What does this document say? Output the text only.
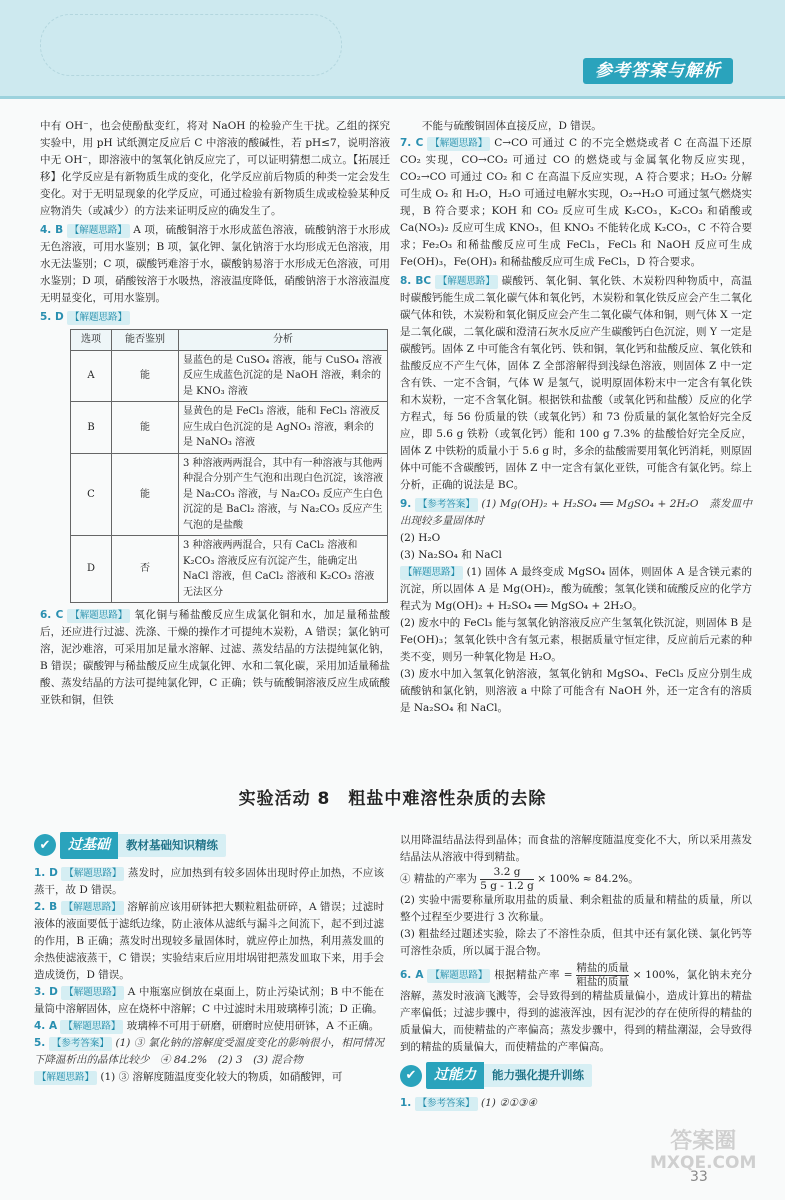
参考答案与解析

中有 OH⁻，也会使酚酞变红，将对 NaOH 的检验产生干扰。乙组的探究实验中，用 pH 试纸测定反应后 C 中溶液的酸碱性，若 pH≤7，说明溶液中无 OH⁻，即溶液中的氢氧化钠反应完了，可以证明猜想二成立。【拓展迁移】化学反应是有新物质生成的变化，化学反应前后物质的种类一定会发生变化。对于无明显现象的化学反应，可通过检验有新物质生成或检验某种反应物消失（或减少）的方法来证明反应的确发生了。

4. B 【解题思路】 A 项，硫酸铜溶于水形成蓝色溶液，硫酸钠溶于水形成无色溶液，可用水鉴别；B 项，氯化钾、氯化钠溶于水均形成无色溶液，用水无法鉴别；C 项，碳酸钙难溶于水，碳酸钠易溶于水形成无色溶液，可用水鉴别；D 项，硝酸铵溶于水吸热，溶液温度降低，硝酸钠溶于水溶液温度无明显变化，可用水鉴别。

5. D 【解题思路】

选项	能否鉴别	分析
A	能	显蓝色的是 CuSO₄ 溶液，能与 CuSO₄ 溶液反应生成蓝色沉淀的是 NaOH 溶液，剩余的是 KNO₃ 溶液
B	能	显黄色的是 FeCl₃ 溶液，能和 FeCl₃ 溶液反应生成白色沉淀的是 AgNO₃ 溶液，剩余的是 NaNO₃ 溶液
C	能	3 种溶液两两混合，其中有一种溶液与其他两种混合分别产生气泡和出现白色沉淀，该溶液是 Na₂CO₃ 溶液，与 Na₂CO₃ 反应产生白色沉淀的是 BaCl₂ 溶液，与 Na₂CO₃ 反应产生气泡的是盐酸
D	否	3 种溶液两两混合，只有 CaCl₂ 溶液和 K₂CO₃ 溶液反应有沉淀产生，能确定出 NaCl 溶液，但 CaCl₂ 溶液和 K₂CO₃ 溶液无法区分

6. C 【解题思路】 氧化铜与稀盐酸反应生成氯化铜和水，加足量稀盐酸后，还应进行过滤、洗涤、干燥的操作才可提纯木炭粉，A 错误；氯化钠可溶，泥沙难溶，可采用加足量水溶解、过滤、蒸发结晶的方法提纯氯化钠，B 错误；碳酸钾与稀盐酸反应生成氯化钾、水和二氧化碳，采用加适量稀盐酸、蒸发结晶的方法可提纯氯化钾，C 正确；铁与硫酸铜溶液反应生成硫酸亚铁和铜，但铁

不能与硫酸铜固体直接反应，D 错误。

7. C 【解题思路】 C→CO 可通过 C 的不完全燃烧或者 C 在高温下还原 CO₂ 实现，CO→CO₂ 可通过 CO 的燃烧或与金属氧化物反应实现，CO₂→CO 可通过 CO₂ 和 C 在高温下反应实现，A 符合要求；H₂O₂ 分解可生成 O₂ 和 H₂O，H₂O 可通过电解水实现，O₂→H₂O 可通过氢气燃烧实现，B 符合要求；KOH 和 CO₂ 反应可生成 K₂CO₃，K₂CO₃ 和硝酸或 Ca(NO₃)₂ 反应可生成 KNO₃，但 KNO₃ 不能转化成 K₂CO₃，C 不符合要求；Fe₂O₃ 和稀盐酸反应可生成 FeCl₃，FeCl₃ 和 NaOH 反应可生成 Fe(OH)₃，Fe(OH)₃ 和稀盐酸反应可生成 FeCl₃，D 符合要求。

8. BC 【解题思路】 碳酸钙、氧化铜、氧化铁、木炭粉四种物质中，高温时碳酸钙能生成二氧化碳气体和氧化钙，木炭粉和氧化铁反应会产生二氧化碳气体和铁，木炭粉和氧化铜反应会产生二氧化碳气体和铜，则气体 X 一定是二氧化碳，二氧化碳和澄清石灰水反应产生碳酸钙白色沉淀，则 Y 一定是碳酸钙。固体 Z 中可能含有氧化钙、铁和铜，氧化钙和盐酸反应、氧化铁和盐酸反应不产生气体，固体 Z 全部溶解得到浅绿色溶液，则固体 Z 中一定含有铁、一定不含铜，气体 W 是氢气，说明原固体粉末中一定含有氧化铁和木炭粉，一定不含氧化铜。根据铁和盐酸（或氧化钙和盐酸）反应的化学方程式，每 56 份质量的铁（或氧化钙）和 73 份质量的氯化氢恰好完全反应，即 5.6 g 铁粉（或氧化钙）能和 100 g 7.3% 的盐酸恰好完全反应，固体 Z 中铁粉的质量小于 5.6 g 时，多余的盐酸需要用氧化钙消耗，则原固体中可能不含碳酸钙，固体 Z 中一定含有氯化亚铁，可能含有氯化钙。综上分析，正确的说法是 BC。

9. 【参考答案】 (1) Mg(OH)₂ + H₂SO₄ ══ MgSO₄ + 2H₂O　蒸发皿中出现较多量固体时

(2) H₂O

(3) Na₂SO₄ 和 NaCl

【解题思路】 (1) 固体 A 最终变成 MgSO₄ 固体，则固体 A 是含镁元素的沉淀，所以固体 A 是 Mg(OH)₂，酸为硫酸；氢氧化镁和硫酸反应的化学方程式为 Mg(OH)₂ + H₂SO₄ ══ MgSO₄ + 2H₂O。

(2) 废水中的 FeCl₃ 能与氢氧化钠溶液反应产生氢氧化铁沉淀，则固体 B 是 Fe(OH)₃；氢氧化铁中含有氢元素，根据质量守恒定律，反应前后元素的种类不变，则另一种氧化物是 H₂O。

(3) 废水中加入氢氧化钠溶液，氢氧化钠和 MgSO₄、FeCl₃ 反应分别生成硫酸钠和氯化钠，则溶液 a 中除了可能含有 NaOH 外，还一定含有的溶质是 Na₂SO₄ 和 NaCl。

实验活动 8　粗盐中难溶性杂质的去除
✔	过基础	教材基础知识精练

1. D 【解题思路】 蒸发时，应加热到有较多固体出现时停止加热，不应该蒸干，故 D 错误。

2. B 【解题思路】 溶解前应该用研钵把大颗粒粗盐研碎，A 错误；过滤时液体的液面要低于滤纸边缘，防止液体从滤纸与漏斗之间流下，起不到过滤的作用，B 正确；蒸发时出现较多量固体时，就应停止加热，利用蒸发皿的余热使滤液蒸干，C 错误；实验结束后应用坩埚钳把蒸发皿取下来，用手会造成烫伤，D 错误。

3. D 【解题思路】 A 中瓶塞应倒放在桌面上，防止污染试剂；B 中不能在量筒中溶解固体，应在烧杯中溶解；C 中过滤时未用玻璃棒引流；D 正确。

4. A 【解题思路】 玻璃棒不可用于研磨，研磨时应使用研钵，A 不正确。

5. 【参考答案】 (1) ③ 氯化钠的溶解度受温度变化的影响很小，相同情况下降温析出的晶体比较少　④ 84.2%　(2) 3　(3) 混合物

【解题思路】 (1) ③ 溶解度随温度变化较大的物质，如硝酸钾，可

以用降温结晶法得到晶体；而食盐的溶解度随温度变化不大，所以采用蒸发结晶法从溶液中得到精盐。

④ 精盐的产率为 $\frac{3.2 g}{5 g - 1.2 g} \times 100\% \approx 84.2\%$。

(2) 实验中需要称量所取用盐的质量、剩余粗盐的质量和精盐的质量，所以整个过程至少要进行 3 次称量。

(3) 粗盐经过题述实验，除去了不溶性杂质，但其中还有氯化镁、氯化钙等可溶性杂质，所以属于混合物。

6. A 【解题思路】 根据精盐产率 = $\frac{\text{精盐的质量}}{\text{粗盐的质量}} \times 100\%$，氯化钠未充分溶解，蒸发时液滴飞溅等，会导致得到的精盐质量偏小，造成计算出的精盐产率偏低；过滤步骤中，得到的滤液浑浊，因有泥沙的存在使所得的精盐的质量偏大，而使精盐的产率偏高；蒸发步骤中，得到的精盐潮湿，会导致得到的精盐的质量偏大，而使精盐的产率偏高。

✔	过能力	能力强化提升训练

1. 【参考答案】 (1) ②①③④

33
答案圈
MXQE.COM
